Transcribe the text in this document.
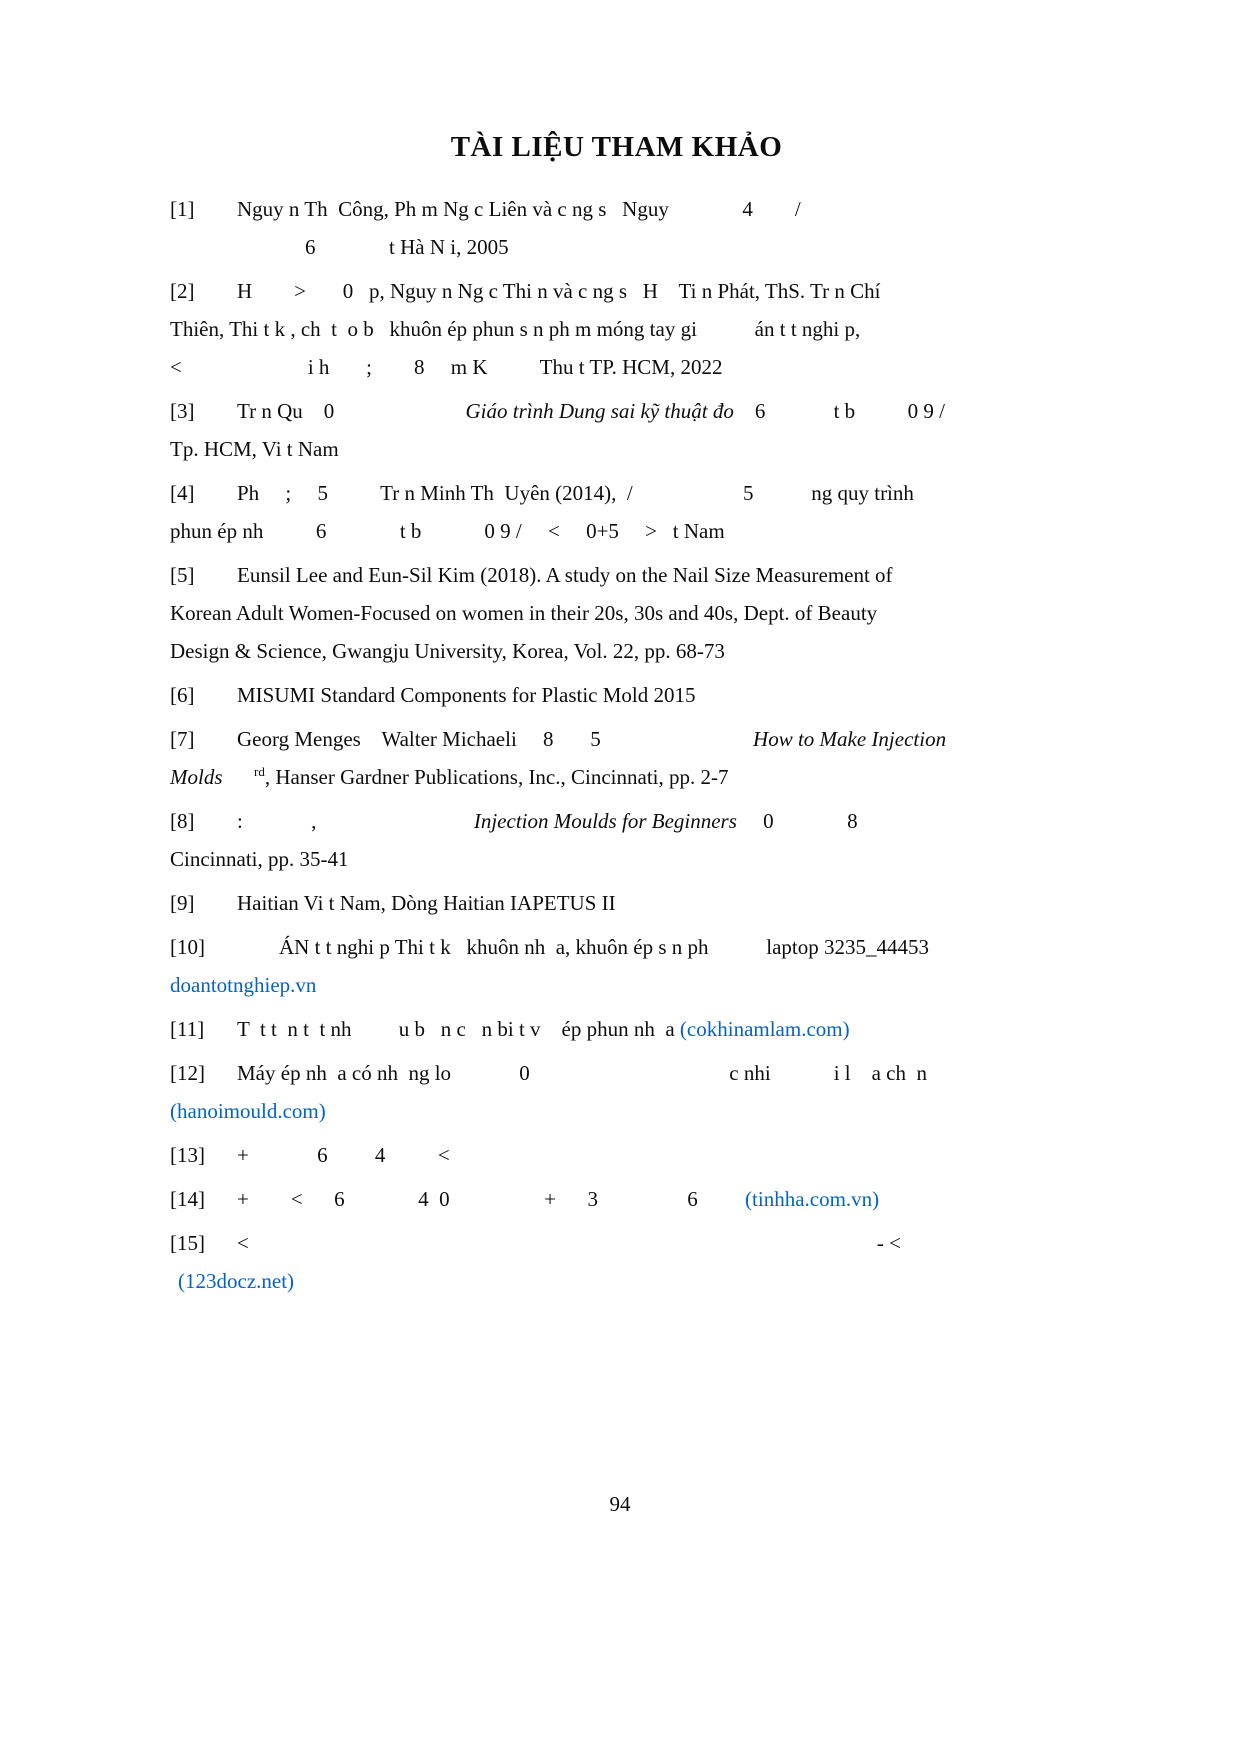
TÀI LIỆU THAM KHẢO
[1] Nguy n Th  Công, Ph m Ng c Liên và c ng s   Nguy              4        /
6              t Hà N i, 2005
[2] H        >       0   p, Nguy n Ng c Thi n và c ng s   H    Ti n Phát, ThS. Tr n Chí
Thiên, Thi t k , ch  t  o b   khuôn ép phun s n ph m móng tay gi           án t t nghi p,
<                        i h       ;        8     m K          Thu t TP. HCM, 2022
[3] Tr n Qu    0                         Giáo trình Dung sai kỹ thuật đo    6             t b          0 9 /
Tp. HCM, Vi t Nam
[4] Ph     ;     5          Tr n Minh Th  Uyên (2014),  /                     5           ng quy trình
phun ép nh          6              t b            0 9 /     <     0+5     >   t Nam
[5] Eunsil Lee and Eun-Sil Kim (2018). A study on the Nail Size Measurement of
Korean Adult Women-Focused on women in their 20s, 30s and 40s, Dept. of Beauty
Design & Science, Gwangju University, Korea, Vol. 22, pp. 68-73
[6] MISUMI Standard Components for Plastic Mold 2015
[7] Georg Menges    Walter Michaeli     8       5                             How to Make Injection
Molds      $^{rd}$, Hanser Gardner Publications, Inc., Cincinnati, pp. 2-7
[8] :             ,                              Injection Moulds for Beginners     0              8
Cincinnati, pp. 35-41
[9] Haitian Vi t Nam, Dòng Haitian IAPETUS II
[10]        ÁN t t nghi p Thi t k   khuôn nh  a, khuôn ép s n ph           laptop 3235_44453
doantotnghiep.vn
[11] T  t t  n t  t nh         u b   n c   n bi t v    ép phun nh  a (cokhinamlam.com)
[12] Máy ép nh  a có nh  ng lo             0                                      c nhi            i l    a ch  n
(hanoimould.com)
[13] +             6         4          <
[14] +        <      6              4  0                  +      3                 6         (tinhha.com.vn)
[15] <	- <
(123docz.net)
94
